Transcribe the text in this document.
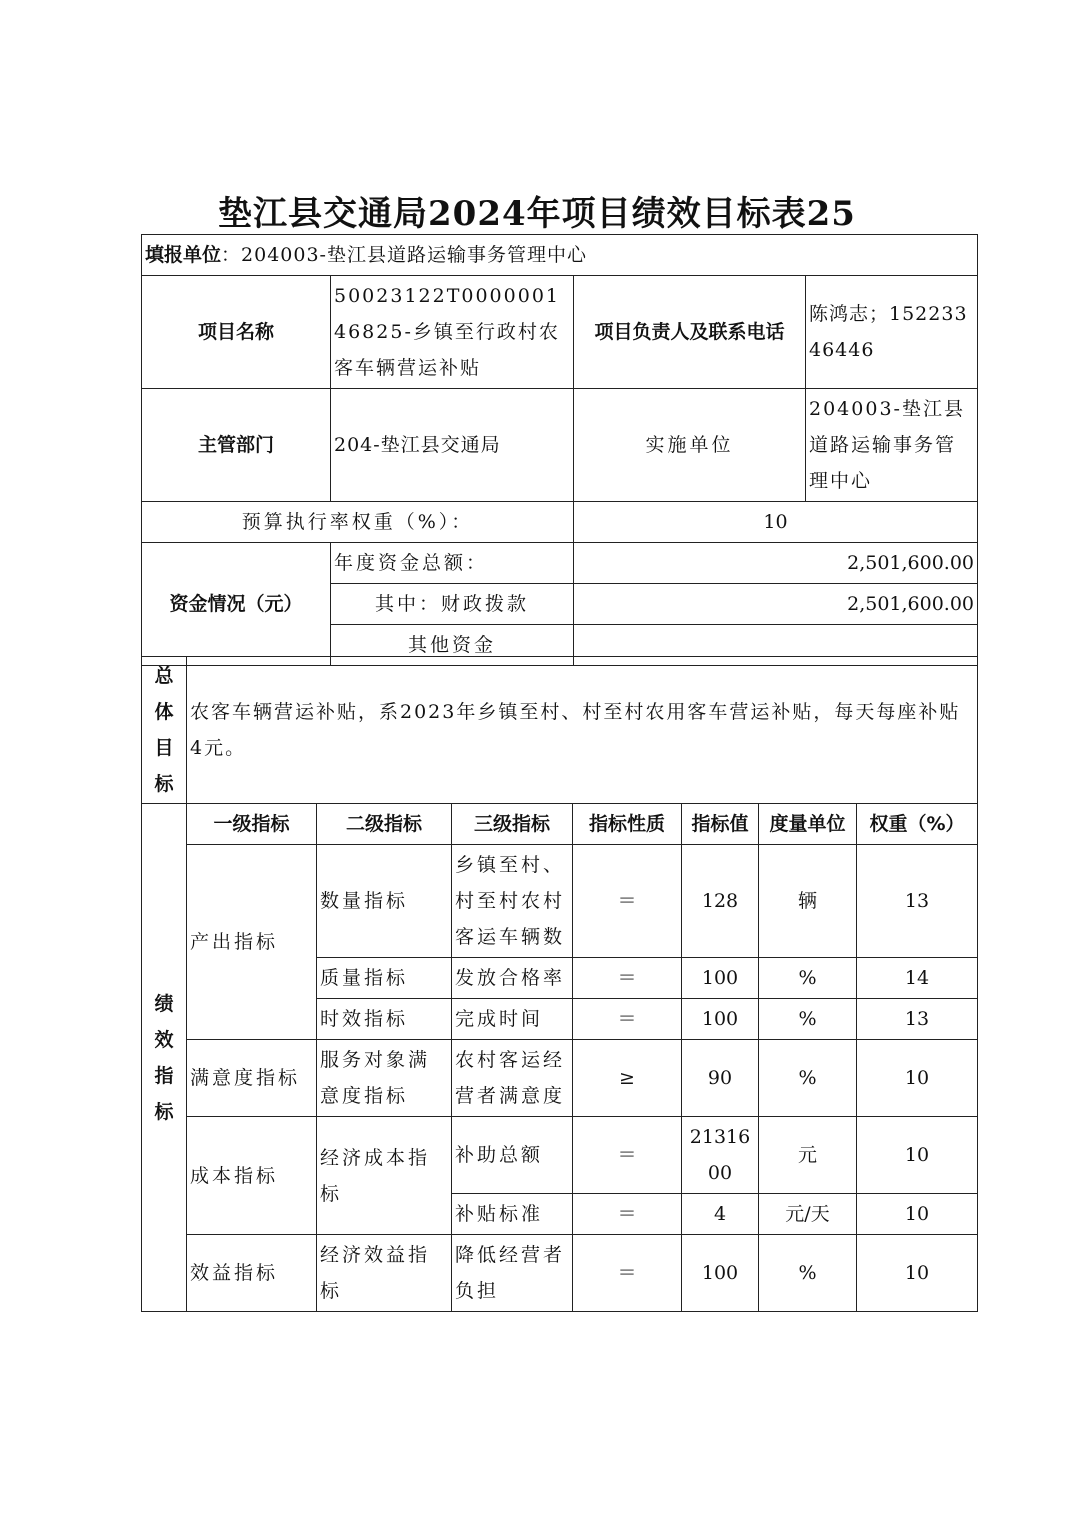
垫江县交通局2024年项目绩效目标表25
填报单位：204003-垫江县道路运输事务管理中心			
项目名称	50023122T000000146825-乡镇至行政村农客车辆营运补贴	项目负责人及联系电话	陈鸿志；15223346446
主管部门	204-垫江县交通局	实施单位	204003-垫江县道路运输事务管理中心
预算执行率权重（%）：		10	
资金情况（元）	年度资金总额：	2,501,600.00	
	其中：财政拨款	2,501,600.00	
	其他资金		
总体目标	农客车辆营运补贴，系2023年乡镇至村、村至村农用客车营运补贴，每天每座补贴4元。
绩效指标	一级指标	二级指标	三级指标	指标性质	指标值	度量单位	权重（%）
	产出指标	数量指标	乡镇至村、村至村农村客运车辆数	＝	128	辆	13
		质量指标	发放合格率	＝	100	%	14
		时效指标	完成时间	＝	100	%	13
	满意度指标	服务对象满意度指标	农村客运经营者满意度	≥	90	%	10
	成本指标	经济成本指标	补助总额	＝	2131600	元	10
			补贴标准	＝	4	元/天	10
	效益指标	经济效益指标	降低经营者负担	＝	100	%	10
